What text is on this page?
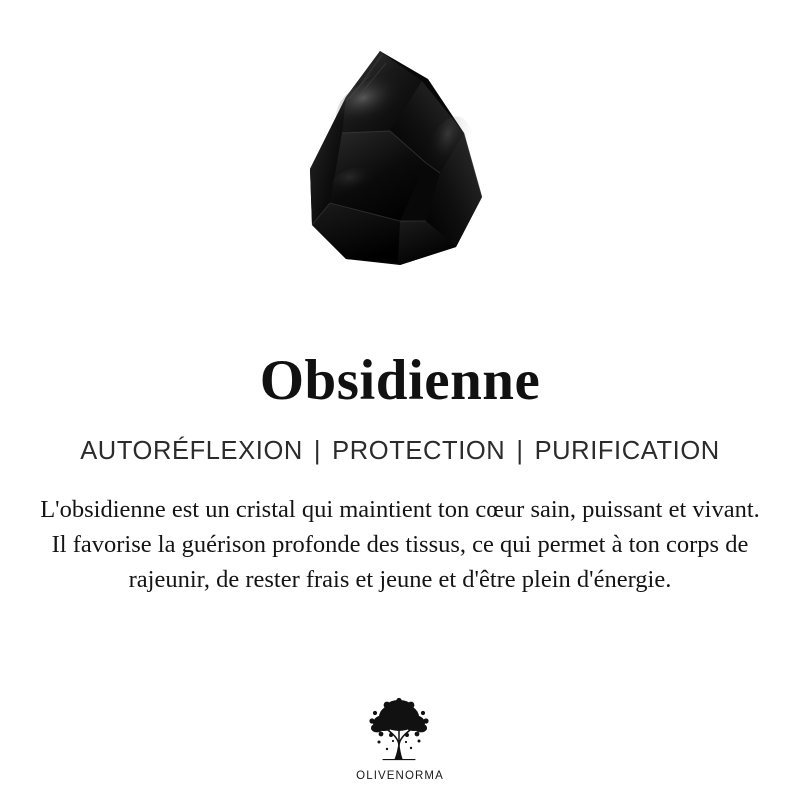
Obsidienne
AUTORÉFLEXION | PROTECTION | PURIFICATION

L'obsidienne est un cristal qui maintient ton cœur sain, puissant et vivant. Il favorise la guérison profonde des tissus, ce qui permet à ton corps de rajeunir, de rester frais et jeune et d'être plein d'énergie.

OLIVENORMA
